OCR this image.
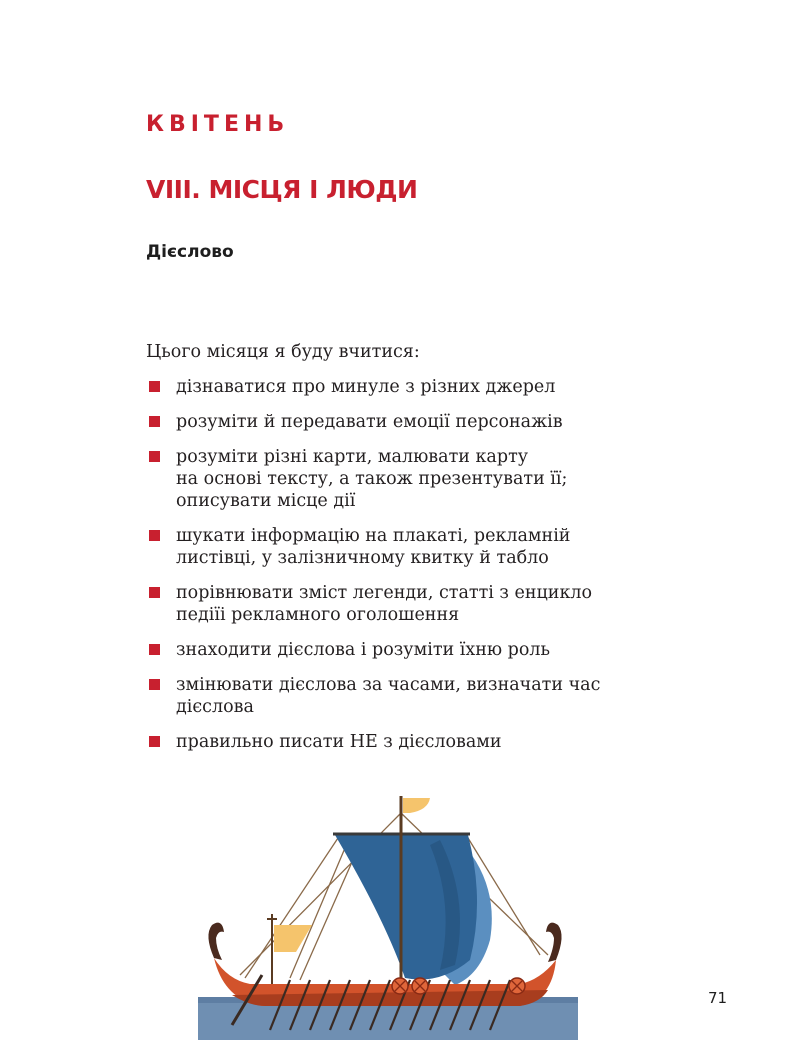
КВІТЕНЬ
VIII. МІСЦЯ І ЛЮДИ
Дієслово

Цього місяця я буду вчитися:

дізнаватися про минуле з різних джерел
розуміти й передавати емоції персонажів
розуміти різні карти, малювати карту
на основі тексту, а також презентувати її;
описувати місце дії
шукати інформацію на плакаті, рекламній
листівці, у залізничному квитку й табло
порівнювати зміст легенди, статті з енцикло
педіїі рекламного оголошення
знаходити дієслова і розуміти їхню роль
змінювати дієслова за часами, визначати час
дієслова
правильно писати НЕ з дієсловами
71
